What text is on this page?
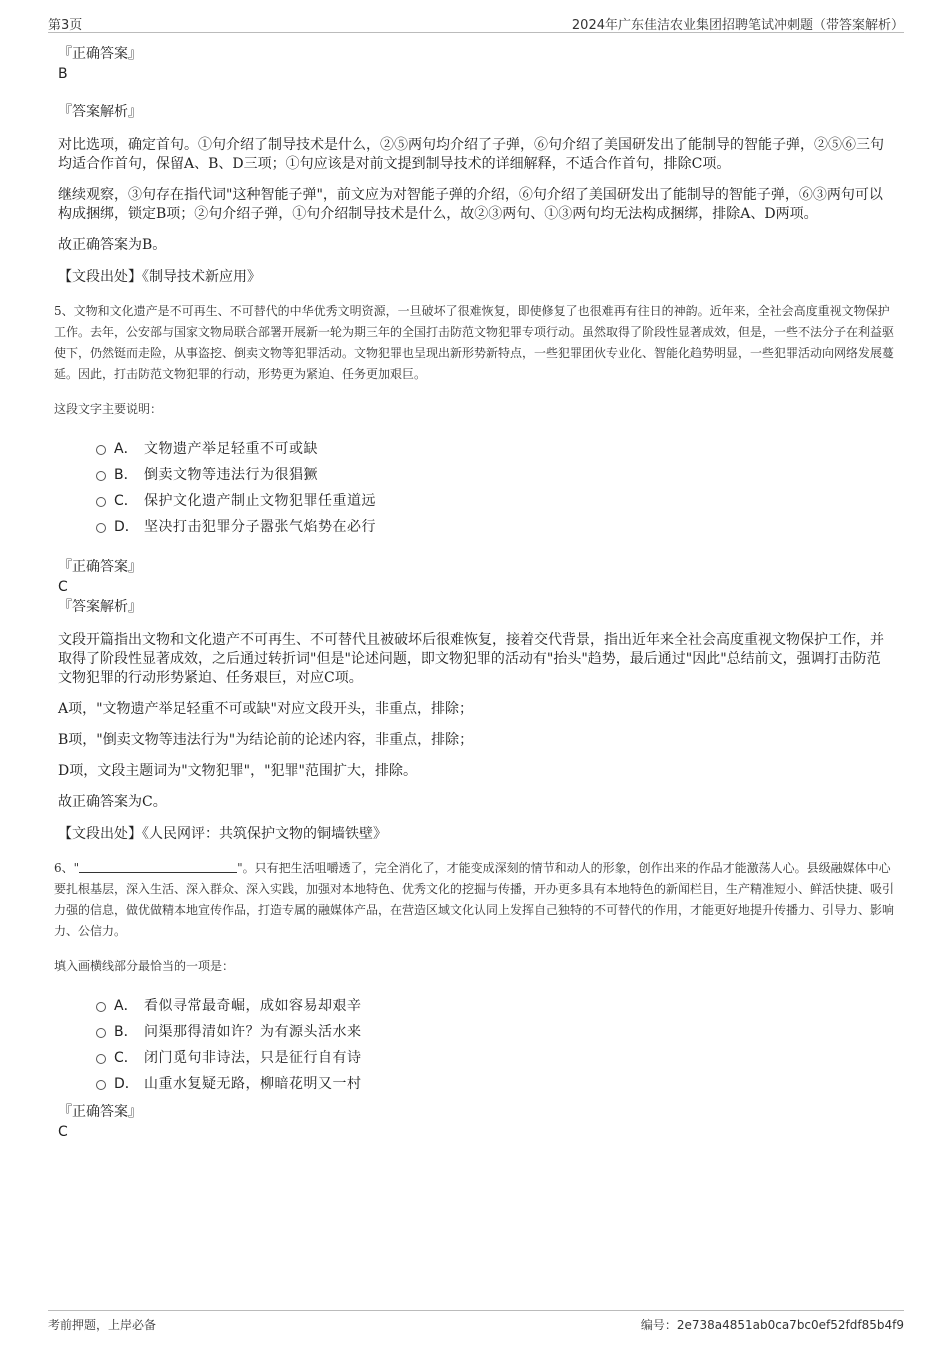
第3页	2024年广东佳洁农业集团招聘笔试冲刺题（带答案解析）
『正确答案』
B
『答案解析』

对比选项，确定首句。①句介绍了制导技术是什么，②⑤两句均介绍了子弹，⑥句介绍了美国研发出了能制导的智能子弹，②⑤⑥三句均适合作首句，保留A、B、D三项；①句应该是对前文提到制导技术的详细解释，不适合作首句，排除C项。

继续观察，③句存在指代词"这种智能子弹"，前文应为对智能子弹的介绍，⑥句介绍了美国研发出了能制导的智能子弹，⑥③两句可以构成捆绑，锁定B项；②句介绍子弹，①句介绍制导技术是什么，故②③两句、①③两句均无法构成捆绑，排除A、D两项。

故正确答案为B。

【文段出处】《制导技术新应用》

5、文物和文化遗产是不可再生、不可替代的中华优秀文明资源，一旦破坏了很难恢复，即使修复了也很难再有往日的神韵。近年来，全社会高度重视文物保护工作。去年，公安部与国家文物局联合部署开展新一轮为期三年的全国打击防范文物犯罪专项行动。虽然取得了阶段性显著成效，但是，一些不法分子在利益驱使下，仍然铤而走险，从事盗挖、倒卖文物等犯罪活动。文物犯罪也呈现出新形势新特点，一些犯罪团伙专业化、智能化趋势明显，一些犯罪活动向网络发展蔓延。因此，打击防范文物犯罪的行动，形势更为紧迫、任务更加艰巨。

这段文字主要说明：
A． 文物遗产举足轻重不可或缺
B． 倒卖文物等违法行为很猖獗
C． 保护文化遗产制止文物犯罪任重道远
D． 坚决打击犯罪分子嚣张气焰势在必行
『正确答案』
C
『答案解析』

文段开篇指出文物和文化遗产不可再生、不可替代且被破坏后很难恢复，接着交代背景，指出近年来全社会高度重视文物保护工作，并取得了阶段性显著成效，之后通过转折词"但是"论述问题，即文物犯罪的活动有"抬头"趋势，最后通过"因此"总结前文，强调打击防范文物犯罪的行动形势紧迫、任务艰巨，对应C项。

A项，"文物遗产举足轻重不可或缺"对应文段开头，非重点，排除；

B项，"倒卖文物等违法行为"为结论前的论述内容，非重点，排除；

D项，文段主题词为"文物犯罪"，"犯罪"范围扩大，排除。

故正确答案为C。

【文段出处】《人民网评：共筑保护文物的铜墙铁壁》

6、"	"。只有把生活咀嚼透了，完全消化了，才能变成深刻的情节和动人的形象，创作出来的作品才能激荡人心。县级融媒体中心要扎根基层，深入生活、深入群众、深入实践，加强对本地特色、优秀文化的挖掘与传播，开办更多具有本地特色的新闻栏目，生产精准短小、鲜活快捷、吸引力强的信息，做优做精本地宣传作品，打造专属的融媒体产品，在营造区域文化认同上发挥自己独特的不可替代的作用，才能更好地提升传播力、引导力、影响力、公信力。

填入画横线部分最恰当的一项是：
A． 看似寻常最奇崛，成如容易却艰辛
B． 问渠那得清如许？为有源头活水来
C． 闭门觅句非诗法，只是征行自有诗
D． 山重水复疑无路，柳暗花明又一村
『正确答案』
C
考前押题，上岸必备	编号：2e738a4851ab0ca7bc0ef52fdf85b4f9
